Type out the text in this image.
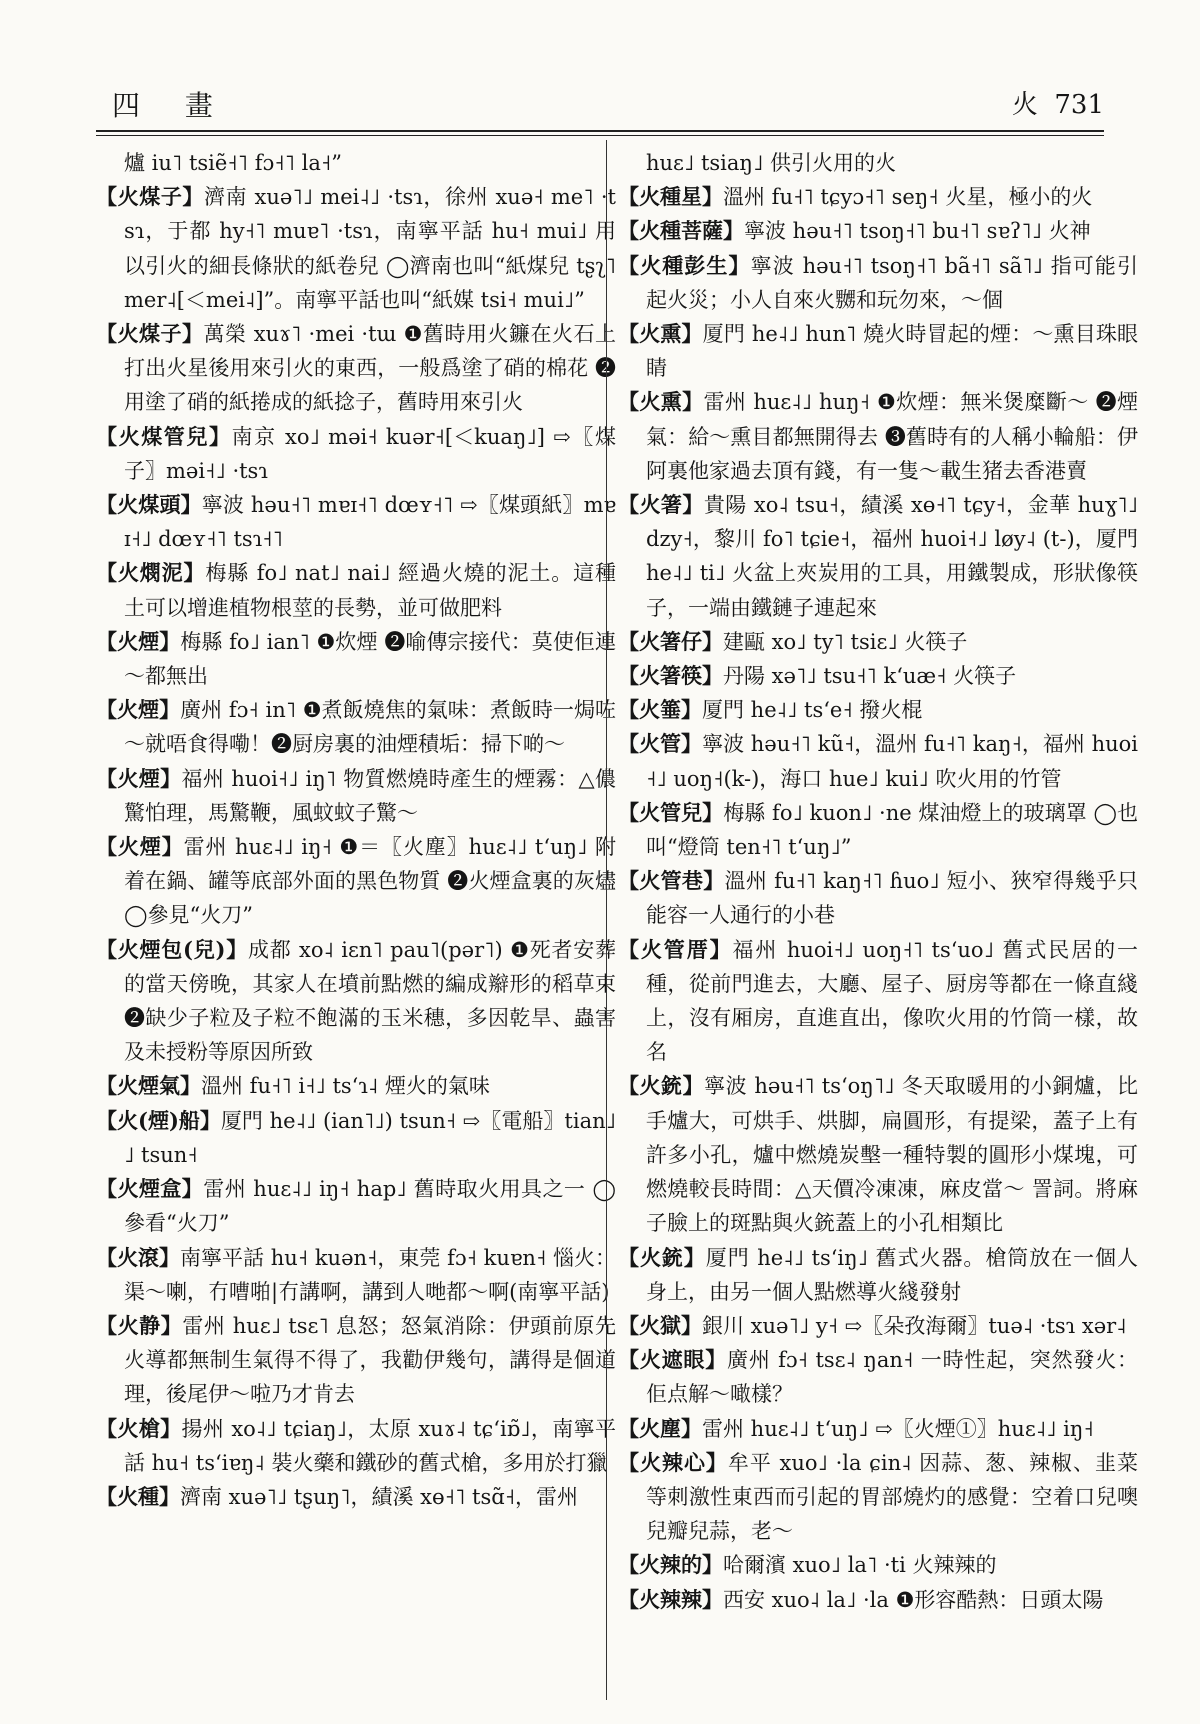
四 畫	火  731
爐 iu˥ tsiẽ˧˥ fɔ˧˥ la˧”
【火煤子】濟南 xuə˥˩ mei˨˩ ·tsɿ，徐州 xuə˧ me˥ ·tsɿ，于都 hy˧˥ muɐ˥ ·tsɿ，南寧平話 hu˧ mui˩ 用以引火的細長條狀的紙卷兒 ◯濟南也叫“紙煤兒 tʂʅ˥ mer˨[＜mei˨]”。南寧平話也叫“紙媒 tsi˧ mui˩”
【火煤子】萬榮 xuɤ˥ ·mei ·tɯ ❶舊時用火鐮在火石上打出火星後用來引火的東西，一般爲塗了硝的棉花 ❷用塗了硝的紙捲成的紙捻子，舊時用來引火
【火煤管兒】南京 xo˩ məi˧ kuər˧[＜kuaŋ˩] ⇨〖煤子〗məi˧˩ ·tsɿ
【火煤頭】寧波 həu˧˥ mɐɪ˧˥ dœʏ˧˥ ⇨〖煤頭紙〗mɐɪ˧˩ dœʏ˧˥ tsɿ˧˥
【火燘泥】梅縣 fo˩ nat˩ nai˩ 經過火燒的泥土。這種土可以增進植物根莖的長勢，並可做肥料
【火煙】梅縣 fo˩ ian˥ ❶炊煙 ❷喻傳宗接代：莫使佢連～都無出
【火煙】廣州 fɔ˧ in˥ ❶煮飯燒焦的氣味：煮飯時一焗咗～就唔食得嘞！❷厨房裏的油煙積垢：掃下啲～
【火煙】福州 huoi˧˩ iŋ˥ 物質燃燒時產生的煙霧：△儂驚怕理，馬驚鞭，風蚊蚊子驚～
【火煙】雷州 huɛ˨˩ iŋ˧ ❶＝〖火塵〗huɛ˨˩ tʻuŋ˩ 附着在鍋、罐等底部外面的黑色物質 ❷火煙盒裏的灰燼 ◯參見“火刀”
【火煙包(兒)】成都 xo˨ iɛn˥ pau˥(pər˥) ❶死者安葬的當天傍晚，其家人在墳前點燃的編成辮形的稻草束 ❷缺少子粒及子粒不飽滿的玉米穗，多因乾旱、蟲害及未授粉等原因所致
【火煙氣】溫州 fu˧˥ i˧˩ tsʻɿ˨ 煙火的氣味
【火(煙)船】厦門 he˨˩ (ian˥˩) tsun˧ ⇨〖電船〗tian˩˩ tsun˧
【火煙盒】雷州 huɛ˨˩ iŋ˧ hap˩ 舊時取火用具之一 ◯參看“火刀”
【火滾】南寧平話 hu˧ kuən˧，東莞 fɔ˧ kuɐn˧ 惱火：渠～喇，冇嘈啪|冇講啊，講到人哋都～啊(南寧平話)
【火静】雷州 huɛ˩ tsɛ˥ 息怒；怒氣消除：伊頭前原先火導都無制生氣得不得了，我勸伊幾句，講得是個道理，後尾伊～啦乃才肯去
【火槍】揚州 xo˨˩ tɕiaŋ˩，太原 xuɤ˨ tɕʻiɒ̃˩，南寧平話 hu˧ tsʻiɐŋ˨ 裝火藥和鐵砂的舊式槍，多用於打獵
【火種】濟南 xuə˥˩ tʂuŋ˥，績溪 xɵ˧˥ tsɑ̃˧，雷州
huɛ˩ tsiaŋ˩ 供引火用的火
【火種星】溫州 fu˧˥ tɕyɔ˧˥ seŋ˧ 火星，極小的火
【火種菩薩】寧波 həu˧˥ tsoŋ˧˥ bu˧˥ sɐʔ˥˩ 火神
【火種彭生】寧波 həu˧˥ tsoŋ˧˥ bã˧˥ sã˥˩ 指可能引起火災；小人自來火嬲和玩勿來，～個
【火熏】厦門 he˨˩ hun˥ 燒火時冒起的煙：～熏目珠眼睛
【火熏】雷州 huɛ˨˩ huŋ˧ ❶炊煙：無米煲糜斷～ ❷煙氣：給～熏目都無開得去 ❸舊時有的人稱小輪船：伊阿裏他家過去頂有錢，有一隻～載生猪去香港賣
【火箸】貴陽 xo˨ tsu˧，績溪 xɵ˧˥ tɕy˧，金華 huɣ˥˩ dzy˧，黎川 fo˥ tɕie˧，福州 huoi˧˩ løy˨ (t-)，厦門 he˨˩ ti˩ 火盆上夾炭用的工具，用鐵製成，形狀像筷子，一端由鐵鏈子連起來
【火箸仔】建甌 xo˩ ty˥ tsiɛ˩ 火筷子
【火箸筷】丹陽 xə˥˩ tsu˧˥ kʻuæ˧ 火筷子
【火箠】厦門 he˨˩ tsʻe˧ 撥火棍
【火管】寧波 həu˧˥ kũ˧，溫州 fu˧˥ kaŋ˧，福州 huoi˧˩ uoŋ˧(k-)，海口 hue˩ kui˩ 吹火用的竹管
【火管兒】梅縣 fo˩ kuon˩ ·ne 煤油燈上的玻璃罩 ◯也叫“燈筒 ten˧˥ tʻuŋ˩”
【火管巷】溫州 fu˧˥ kaŋ˧˥ ɦuo˩ 短小、狹窄得幾乎只能容一人通行的小巷
【火管厝】福州 huoi˧˩ uoŋ˧˥ tsʻuo˩ 舊式民居的一種，從前門進去，大廳、屋子、厨房等都在一條直綫上，沒有厢房，直進直出，像吹火用的竹筒一樣，故名
【火銃】寧波 həu˧˥ tsʻoŋ˥˩ 冬天取暖用的小銅爐，比手爐大，可烘手、烘脚，扁圓形，有提梁，蓋子上有許多小孔，爐中燃燒炭墼一種特製的圓形小煤塊，可燃燒較長時間：△天價冷凍凍，麻皮當～ 詈詞。將麻子臉上的斑點與火銃蓋上的小孔相類比
【火銃】厦門 he˨˩ tsʻiŋ˩ 舊式火器。槍筒放在一個人身上，由另一個人點燃導火綫發射
【火獄】銀川 xuə˥˩ y˧ ⇨〖朵孜海爾〗tuə˨ ·tsɿ xər˨
【火遮眼】廣州 fɔ˧ tsɛ˨ ŋan˧ 一時性起，突然發火：佢点解～噉樣？
【火塵】雷州 huɛ˨˩ tʻuŋ˩ ⇨〖火煙①〗huɛ˨˩ iŋ˧
【火辣心】牟平 xuo˩ ·la ɕin˨ 因蒜、葱、辣椒、韭菜等刺激性東西而引起的胃部燒灼的感覺：空着口兒噢兒瓣兒蒜，老～
【火辣的】哈爾濱 xuo˩ la˥ ·ti 火辣辣的
【火辣辣】西安 xuo˨ la˩ ·la ❶形容酷熱：日頭太陽
